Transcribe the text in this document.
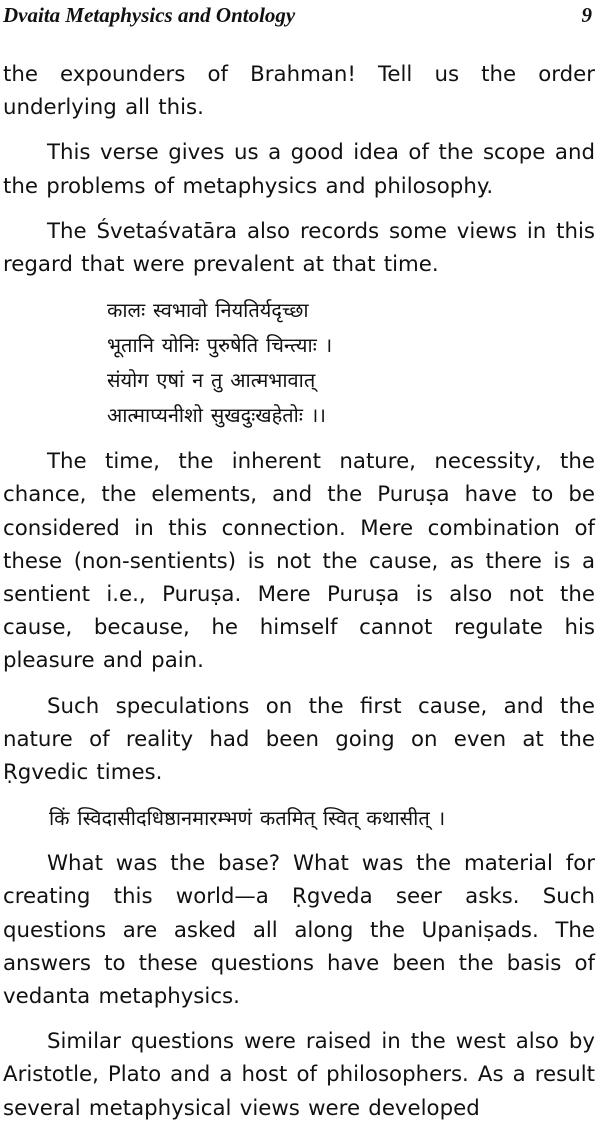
Dvaita Metaphysics and Ontology	9

the expounders of Brahman! Tell us the order underlying all this.

This verse gives us a good idea of the scope and the problems of metaphysics and philosophy.

The Śvetaśvatāra also records some views in this regard that were prevalent at that time.

कालः स्वभावो नियतिर्यदृच्छा
भूतानि योनिः पुरुषेति चिन्त्याः ।
संयोग एषां न तु आत्मभावात्
आत्माप्यनीशो सुखदुःखहेतोः ।।

The time, the inherent nature, necessity, the chance, the elements, and the Puruṣa have to be considered in this connection. Mere combination of these (non-sentients) is not the cause, as there is a sentient i.e., Puruṣa. Mere Puruṣa is also not the cause, because, he himself cannot regulate his pleasure and pain.

Such speculations on the first cause, and the nature of reality had been going on even at the Ṛgvedic times.

किं स्विदासीदधिष्ठानमारम्भणं कतमित् स्वित् कथासीत् ।

What was the base? What was the material for creating this world—a Ṛgveda seer asks. Such questions are asked all along the Upaniṣads. The answers to these questions have been the basis of vedanta metaphysics.

Similar questions were raised in the west also by Aristotle, Plato and a host of philosophers. As a result several metaphysical views were developed
